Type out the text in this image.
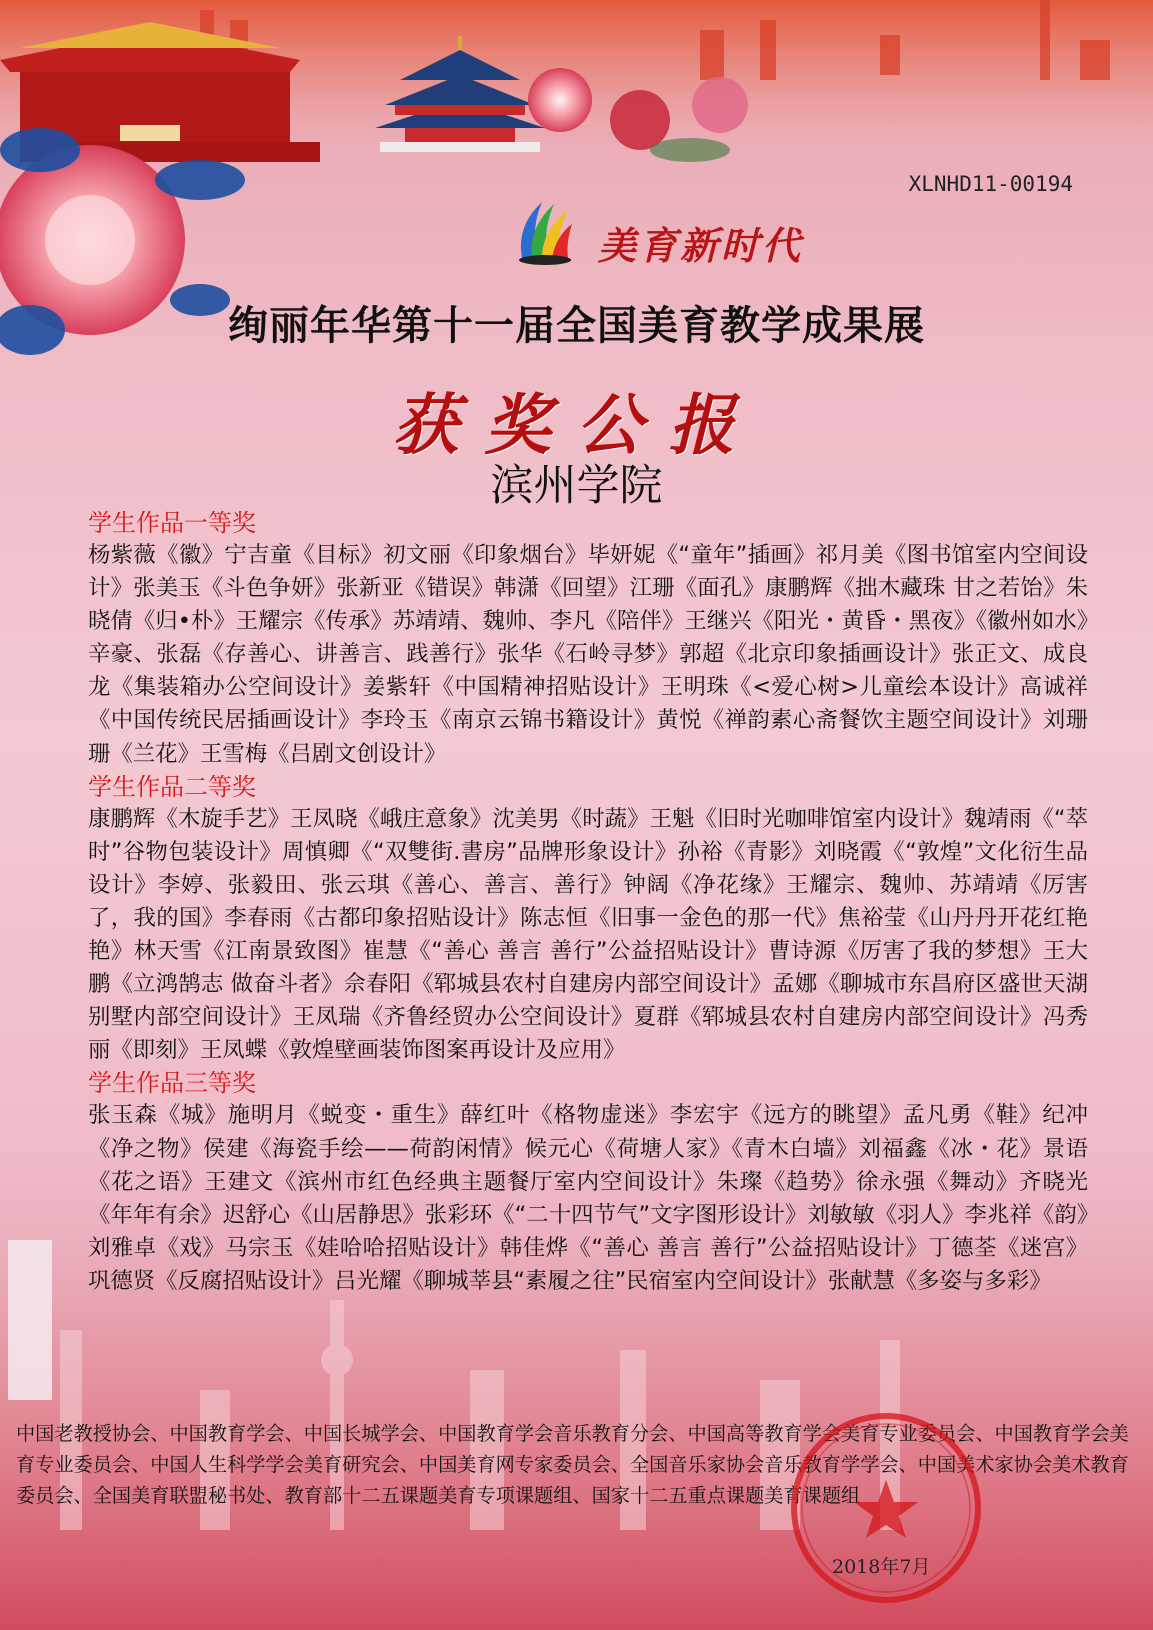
XLNHD11-00194
美育新时代
绚丽年华第十一届全国美育教学成果展
获奖公报
滨州学院

学生作品一等奖

杨紫薇《徽》宁吉童《目标》初文丽《印象烟台》毕妍妮《“童年”插画》祁月美《图书馆室内空间设计》张美玉《斗色争妍》张新亚《错误》韩潇《回望》江珊《面孔》康鹏辉《拙木藏珠 甘之若饴》朱晓倩《归•朴》王耀宗《传承》苏靖靖、魏帅、李凡《陪伴》王继兴《阳光・黄昏・黑夜》《徽州如水》辛豪、张磊《存善心、讲善言、践善行》张华《石岭寻梦》郭超《北京印象插画设计》张正文、成良龙《集装箱办公空间设计》姜紫轩《中国精神招贴设计》王明珠《<爱心树>儿童绘本设计》高诚祥《中国传统民居插画设计》李玲玉《南京云锦书籍设计》黄悦《禅韵素心斋餐饮主题空间设计》刘珊珊《兰花》王雪梅《吕剧文创设计》

学生作品二等奖

康鹏辉《木旋手艺》王凤晓《峨庄意象》沈美男《时蔬》王魁《旧时光咖啡馆室内设计》魏靖雨《“萃时”谷物包装设计》周慎卿《“双雙街.書房”品牌形象设计》孙裕《青影》刘晓霞《“敦煌”文化衍生品设计》李婷、张毅田、张云琪《善心、善言、善行》钟阔《净花缘》王耀宗、魏帅、苏靖靖《厉害了，我的国》李春雨《古都印象招贴设计》陈志恒《旧事一金色的那一代》焦裕莹《山丹丹开花红艳艳》林天雪《江南景致图》崔慧《“善心 善言 善行”公益招贴设计》曹诗源《厉害了我的梦想》王大鹏《立鸿鹄志 做奋斗者》佘春阳《郓城县农村自建房内部空间设计》孟娜《聊城市东昌府区盛世天湖别墅内部空间设计》王凤瑞《齐鲁经贸办公空间设计》夏群《郓城县农村自建房内部空间设计》冯秀丽《即刻》王凤蝶《敦煌壁画装饰图案再设计及应用》

学生作品三等奖

张玉森《城》施明月《蜕变・重生》薛红叶《格物虚迷》李宏宇《远方的眺望》孟凡勇《鞋》纪冲《净之物》侯建《海瓷手绘——荷韵闲情》候元心《荷塘人家》《青木白墙》刘福鑫《冰・花》景语《花之语》王建文《滨州市红色经典主题餐厅室内空间设计》朱璨《趋势》徐永强《舞动》齐晓光《年年有余》迟舒心《山居静思》张彩环《“二十四节气”文字图形设计》刘敏敏《羽人》李兆祥《韵》刘雅卓《戏》马宗玉《娃哈哈招贴设计》韩佳烨《“善心 善言 善行”公益招贴设计》丁德荃《迷宫》巩德贤《反腐招贴设计》吕光耀《聊城莘县“素履之往”民宿室内空间设计》张献慧《多姿与多彩》

中国老教授协会、中国教育学会、中国长城学会、中国教育学会音乐教育分会、中国高等教育学会美育专业委员会、中国教育学会美育专业委员会、中国人生科学学会美育研究会、中国美育网专家委员会、全国音乐家协会音乐教育学学会、中国美术家协会美术教育委员会、全国美育联盟秘书处、教育部十二五课题美育专项课题组、国家十二五重点课题美育课题组
2018年7月
